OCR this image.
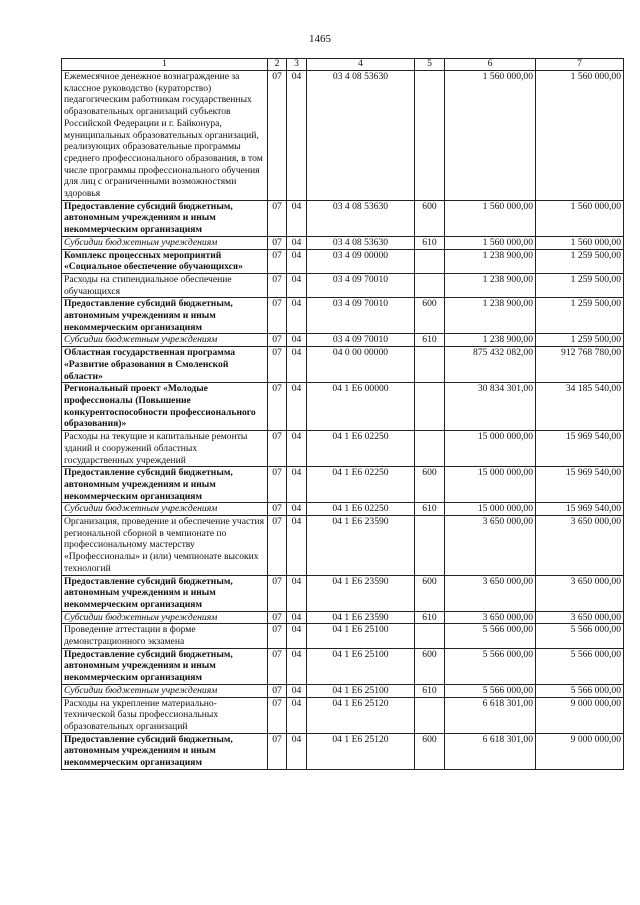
1465
1	2	3	4	5	6	7
Ежемесячное денежное вознаграждение за классное руководство (кураторство) педагогическим работникам государственных образовательных организаций субъектов Российской Федерации и г. Байконура, муниципальных образовательных организаций, реализующих образовательные программы среднего профессионального образования, в том числе программы профессионального обучения для лиц с ограниченными возможностями здоровья	07	04	03 4 08 53630		1 560 000,00	1 560 000,00
Предоставление субсидий бюджетным, автономным учреждениям и иным некоммерческим организациям	07	04	03 4 08 53630	600	1 560 000,00	1 560 000,00
Субсидии бюджетным учреждениям	07	04	03 4 08 53630	610	1 560 000,00	1 560 000,00
Комплекс процессных мероприятий «Социальное обеспечение обучающихся»	07	04	03 4 09 00000		1 238 900,00	1 259 500,00
Расходы на стипендиальное обеспечение обучающихся	07	04	03 4 09 70010		1 238 900,00	1 259 500,00
Предоставление субсидий бюджетным, автономным учреждениям и иным некоммерческим организациям	07	04	03 4 09 70010	600	1 238 900,00	1 259 500,00
Субсидии бюджетным учреждениям	07	04	03 4 09 70010	610	1 238 900,00	1 259 500,00
Областная государственная программа «Развитие образования в Смоленской области»	07	04	04 0 00 00000		875 432 082,00	912 768 780,00
Региональный проект «Молодые профессионалы (Повышение конкурентоспособности профессионального образования)»	07	04	04 1 Е6 00000		30 834 301,00	34 185 540,00
Расходы на текущие и капитальные ремонты зданий и сооружений областных государственных учреждений	07	04	04 1 Е6 02250		15 000 000,00	15 969 540,00
Предоставление субсидий бюджетным, автономным учреждениям и иным некоммерческим организациям	07	04	04 1 Е6 02250	600	15 000 000,00	15 969 540,00
Субсидии бюджетным учреждениям	07	04	04 1 Е6 02250	610	15 000 000,00	15 969 540,00
Организация, проведение и обеспечение участия региональной сборной в чемпионате по профессиональному мастерству «Профессионалы» и (или) чемпионате высоких технологий	07	04	04 1 Е6 23590		3 650 000,00	3 650 000,00
Предоставление субсидий бюджетным, автономным учреждениям и иным некоммерческим организациям	07	04	04 1 Е6 23590	600	3 650 000,00	3 650 000,00
Субсидии бюджетным учреждениям	07	04	04 1 Е6 23590	610	3 650 000,00	3 650 000,00
Проведение аттестации в форме демонстрационного экзамена	07	04	04 1 Е6 25100		5 566 000,00	5 566 000,00
Предоставление субсидий бюджетным, автономным учреждениям и иным некоммерческим организациям	07	04	04 1 Е6 25100	600	5 566 000,00	5 566 000,00
Субсидии бюджетным учреждениям	07	04	04 1 Е6 25100	610	5 566 000,00	5 566 000,00
Расходы на укрепление материально-технической базы профессиональных образовательных организаций	07	04	04 1 Е6 25120		6 618 301,00	9 000 000,00
Предоставление субсидий бюджетным, автономным учреждениям и иным некоммерческим организациям	07	04	04 1 Е6 25120	600	6 618 301,00	9 000 000,00
